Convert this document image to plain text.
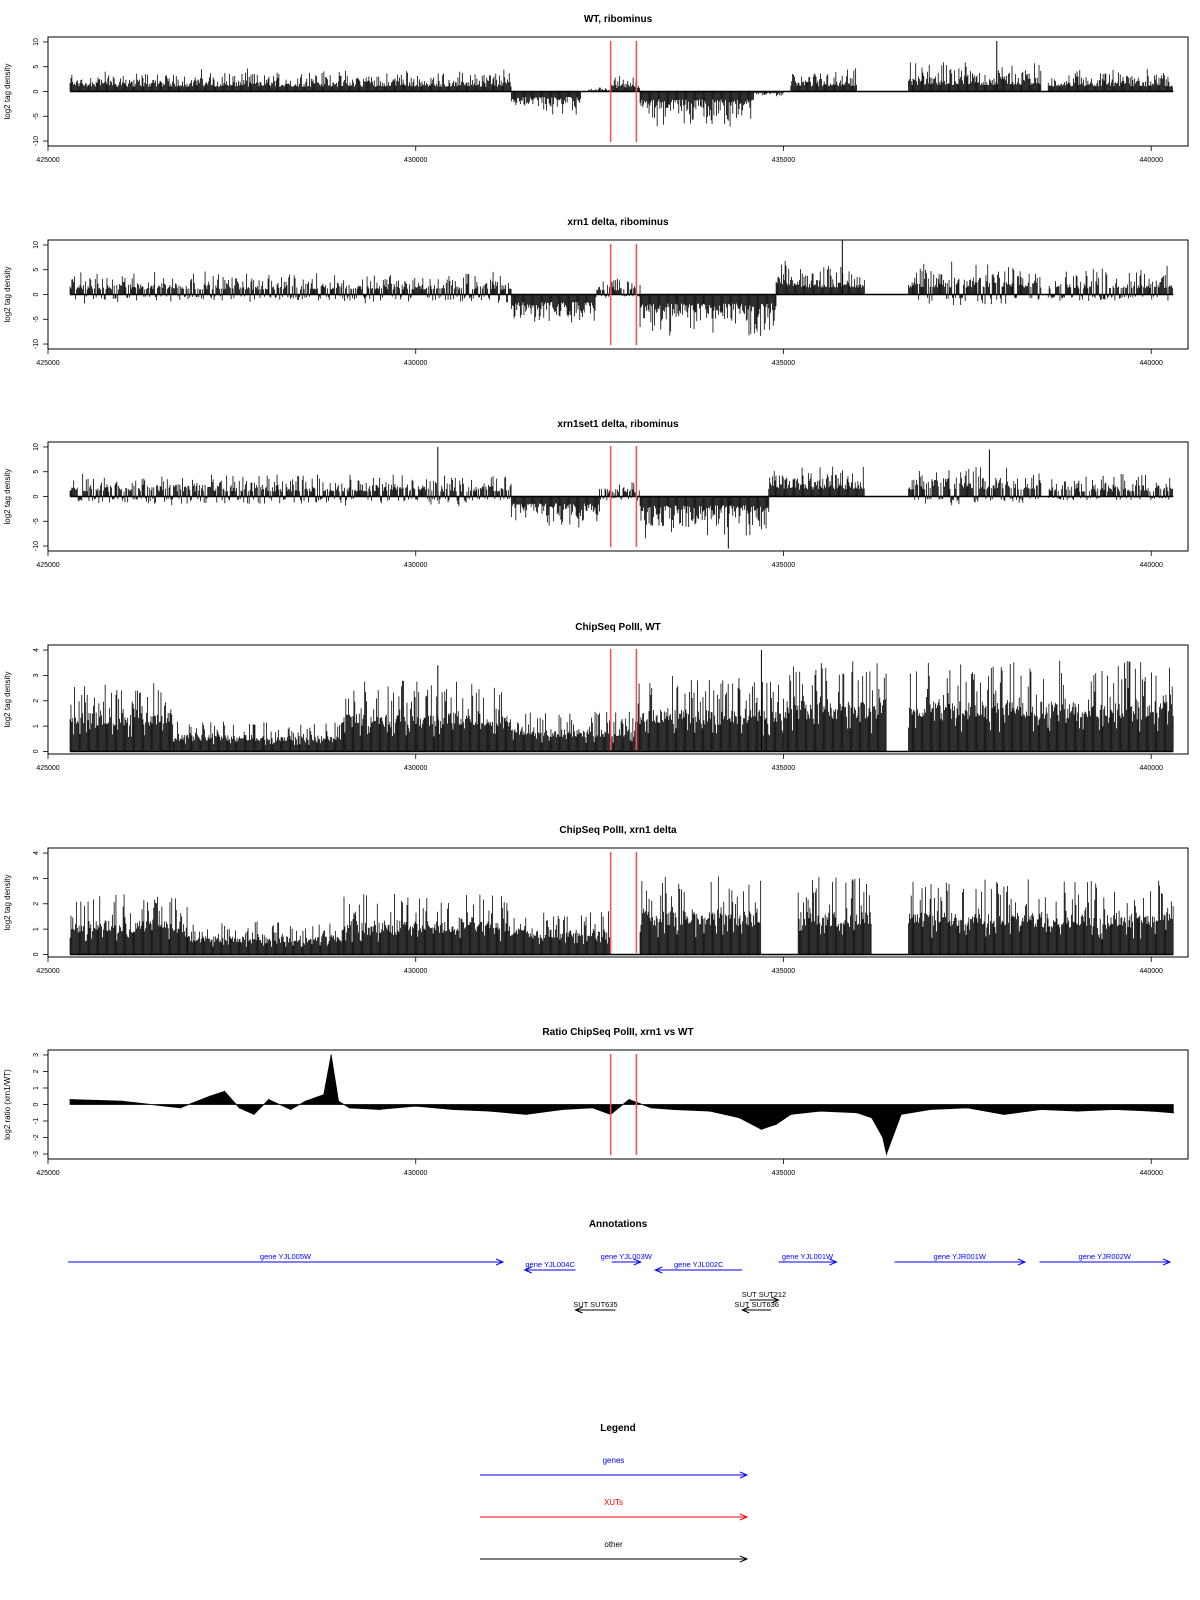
WT, ribominus
log2 tag density
-10
-5
0
5
10
425000	430000	435000	440000
xrn1 delta, ribominus
log2 tag density
-10
-5
0
5
10
425000	430000	435000	440000
xrn1set1 delta, ribominus
log2 tag density
-10
-5
0
5
10
425000	430000	435000	440000
ChipSeq PolII, WT
log2 tag density
0
1
2
3
4
425000	430000	435000	440000
ChipSeq PolII, xrn1 delta
log2 tag density
0
1
2
3
4
425000	430000	435000	440000
Ratio ChipSeq PolII, xrn1 vs WT
log2 ratio (xrn1/WT)
-3
-2
-1
0
1
2
3
425000	430000	435000	440000
Annotations
gene YJL005W
gene YJL004C
gene YJL003W
gene YJL002C
gene YJL001W	gene YJR001W	gene YJR002W
SUT SUT212
SUT SUT635	SUT SUT636
Legend
genes
XUTs
other
